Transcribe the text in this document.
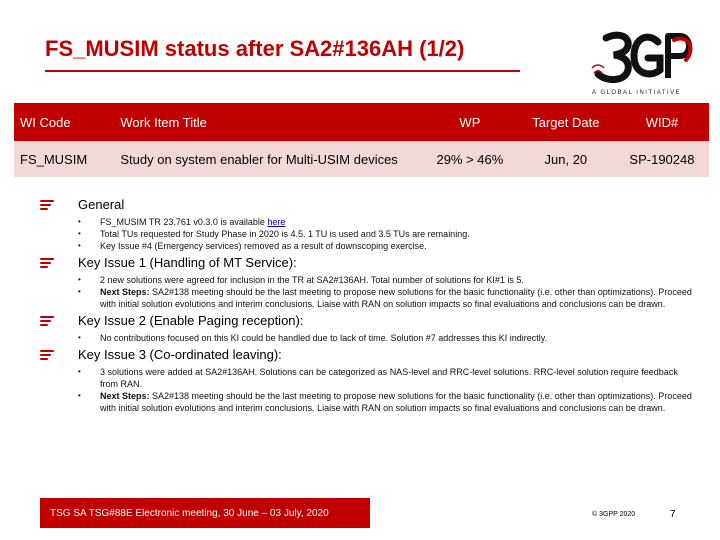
FS_MUSIM status after SA2#136AH (1/2)
A GLOBAL INITIATIVE
WI Code	Work Item Title	WP	Target Date	WID#
FS_MUSIM	Study on system enabler for Multi-USIM devices	29% > 46%	Jun, 20	SP-190248
General
• FS_MUSIM TR 23.761 v0.3.0 is available here
• Total TUs requested for Study Phase in 2020 is 4.5. 1 TU is used and 3.5 TUs are remaining.
• Key Issue #4 (Emergency services) removed as a result of downscoping exercise.
Key Issue 1 (Handling of MT Service):
• 2 new solutions were agreed for inclusion in the TR at SA2#136AH. Total number of solutions for KI#1 is 5.
• Next Steps: SA2#138 meeting should be the last meeting to propose new solutions for the basic functionality (i.e. other than optimizations). Proceed with initial solution evolutions and interim conclusions. Liaise with RAN on solution impacts so final evaluations and conclusions can be drawn.
Key Issue 2 (Enable Paging reception):
• No contributions focused on this KI could be handled due to lack of time. Solution #7 addresses this KI indirectly.
Key Issue 3 (Co-ordinated leaving):
• 3 solutions were added at SA2#136AH. Solutions can be categorized as NAS-level and RRC-level solutions. RRC-level solution require feedback from RAN.
• Next Steps: SA2#138 meeting should be the last meeting to propose new solutions for the basic functionality (i.e. other than optimizations). Proceed with initial solution evolutions and interim conclusions. Liaise with RAN on solution impacts so final evaluations and conclusions can be drawn.
TSG SA TSG#88E Electronic meeting, 30 June – 03 July, 2020	© 3GPP 2020	7
